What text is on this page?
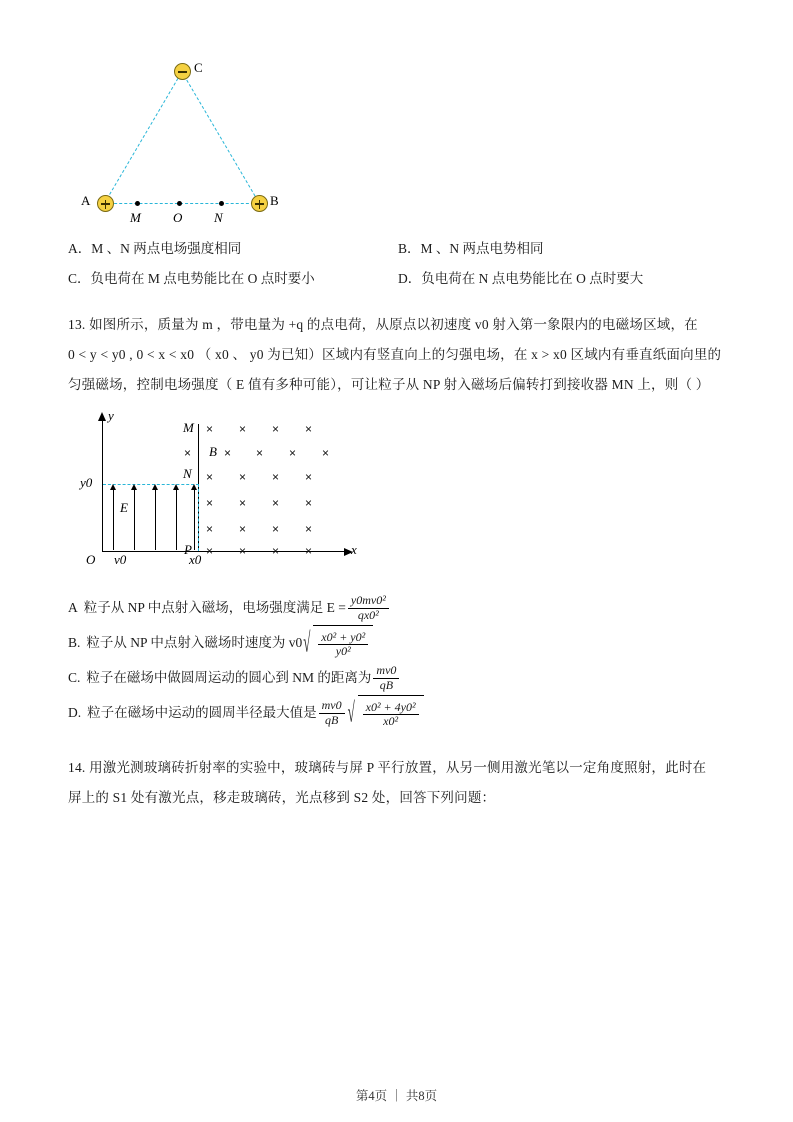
C
A	B
M O N
A．M 、N 两点电场强度相同	B．M 、N 两点电势相同
C．负电荷在 M 点电势能比在 O 点时要小	D．负电荷在 N 点电势能比在 O 点时要大
13. 如图所示，质量为 m ，带电量为 +q 的点电荷，从原点以初速度 v0 射入第一象限内的电磁场区域，在
0 < y < y0 , 0 < x < x0 （ x0 、 y0 为已知）区域内有竖直向上的匀强电场，在 x > x0 区域内有垂直纸面向里的
匀强磁场，控制电场强度（ E 值有多种可能），可让粒子从 NP 射入磁场后偏转打到接收器 MN 上，则（ ）
y
x
O
× × × ×
×	× × × ×
× × × ×
× × × ×
× × × ×
× × × ×
M
B
N
P
y0
x0
v0
E
A 粒子从 NP 中点射入磁场，电场强度满足 $E = \frac{\text{y0mv0²}}{\text{qx0²}}$
B. 粒子从 NP 中点射入磁场时速度为 v0 √ $\frac{\text{x0² + y0²}}{\text{y0²}}$
C. 粒子在磁场中做圆周运动的圆心到 NM 的距离为 $\frac{mv0}{qB}$
D. 粒子在磁场中运动的圆周半径最大值是 $\frac{mv0}{qB}$ √ $\frac{\text{x0² + 4y0²}}{\text{x0²}}$
14. 用激光测玻璃砖折射率的实验中，玻璃砖与屏 P 平行放置，从另一侧用激光笔以一定角度照射，此时在
屏上的 S1 处有激光点，移走玻璃砖，光点移到 S2 处，回答下列问题：
第4页 ｜ 共8页
